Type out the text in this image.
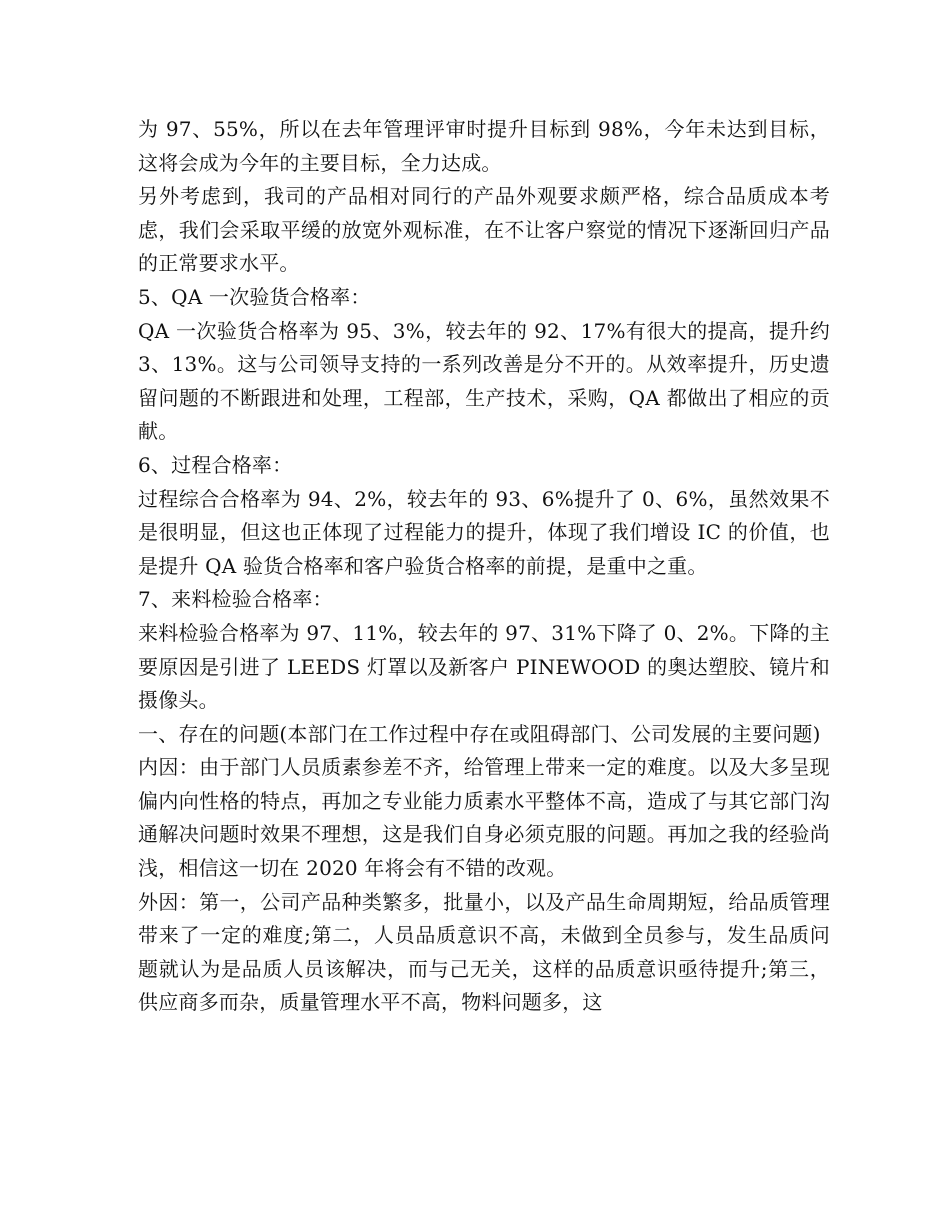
为 97、55%，所以在去年管理评审时提升目标到 98%，今年未达到目标，这将会成为今年的主要目标，全力达成。

另外考虑到，我司的产品相对同行的产品外观要求颇严格，综合品质成本考虑，我们会采取平缓的放宽外观标准，在不让客户察觉的情况下逐渐回归产品的正常要求水平。

5、QA 一次验货合格率：

QA 一次验货合格率为 95、3%，较去年的 92、17%有很大的提高，提升约 3、13%。这与公司领导支持的一系列改善是分不开的。从效率提升，历史遗留问题的不断跟进和处理，工程部，生产技术，采购，QA 都做出了相应的贡献。

6、过程合格率：

过程综合合格率为 94、2%，较去年的 93、6%提升了 0、6%，虽然效果不是很明显，但这也正体现了过程能力的提升，体现了我们增设 IC 的价值，也是提升 QA 验货合格率和客户验货合格率的前提，是重中之重。

7、来料检验合格率：

来料检验合格率为 97、11%，较去年的 97、31%下降了 0、2%。下降的主要原因是引进了 LEEDS 灯罩以及新客户 PINEWOOD 的奥达塑胶、镜片和摄像头。

一、存在的问题(本部门在工作过程中存在或阻碍部门、公司发展的主要问题)

内因：由于部门人员质素参差不齐，给管理上带来一定的难度。以及大多呈现偏内向性格的特点，再加之专业能力质素水平整体不高，造成了与其它部门沟通解决问题时效果不理想，这是我们自身必须克服的问题。再加之我的经验尚浅，相信这一切在 2020 年将会有不错的改观。

外因：第一，公司产品种类繁多，批量小，以及产品生命周期短，给品质管理带来了一定的难度;第二，人员品质意识不高，未做到全员参与，发生品质问题就认为是品质人员该解决，而与己无关，这样的品质意识亟待提升;第三，供应商多而杂，质量管理水平不高，物料问题多，这
